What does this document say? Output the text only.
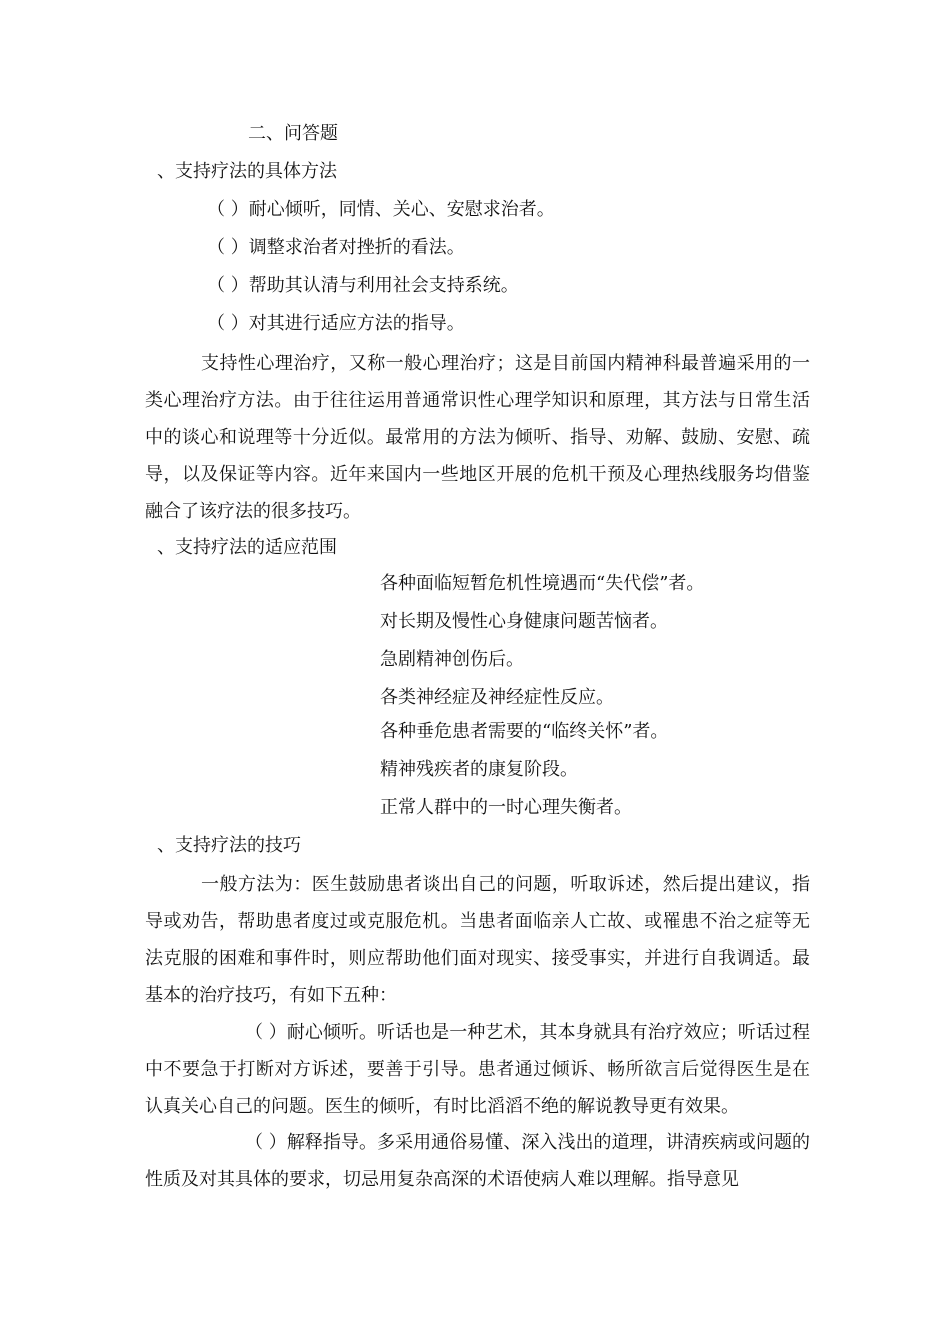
二、问答题
、支持疗法的具体方法
（ ）耐心倾听，同情、关心、安慰求治者。
（ ）调整求治者对挫折的看法。
（ ）帮助其认清与利用社会支持系统。
（ ）对其进行适应方法的指导。
支持性心理治疗，又称一般心理治疗；这是目前国内精神科最普遍采用的一类心理治疗方法。由于往往运用普通常识性心理学知识和原理，其方法与日常生活中的谈心和说理等十分近似。最常用的方法为倾听、指导、劝解、鼓励、安慰、疏导，以及保证等内容。近年来国内一些地区开展的危机干预及心理热线服务均借鉴融合了该疗法的很多技巧。
、支持疗法的适应范围
各种面临短暂危机性境遇而“失代偿”者。
对长期及慢性心身健康问题苦恼者。
急剧精神创伤后。
各类神经症及神经症性反应。
各种垂危患者需要的“临终关怀”者。
精神残疾者的康复阶段。
正常人群中的一时心理失衡者。
、支持疗法的技巧
一般方法为：医生鼓励患者谈出自己的问题，听取诉述，然后提出建议，指导或劝告，帮助患者度过或克服危机。当患者面临亲人亡故、或罹患不治之症等无法克服的困难和事件时，则应帮助他们面对现实、接受事实，并进行自我调适。最基本的治疗技巧，有如下五种：
（ ）耐心倾听。听话也是一种艺术，其本身就具有治疗效应；听话过程中不要急于打断对方诉述，要善于引导。患者通过倾诉、畅所欲言后觉得医生是在认真关心自己的问题。医生的倾听，有时比滔滔不绝的解说教导更有效果。
（ ）解释指导。多采用通俗易懂、深入浅出的道理，讲清疾病或问题的性质及对其具体的要求，切忌用复杂高深的术语使病人难以理解。指导意见
